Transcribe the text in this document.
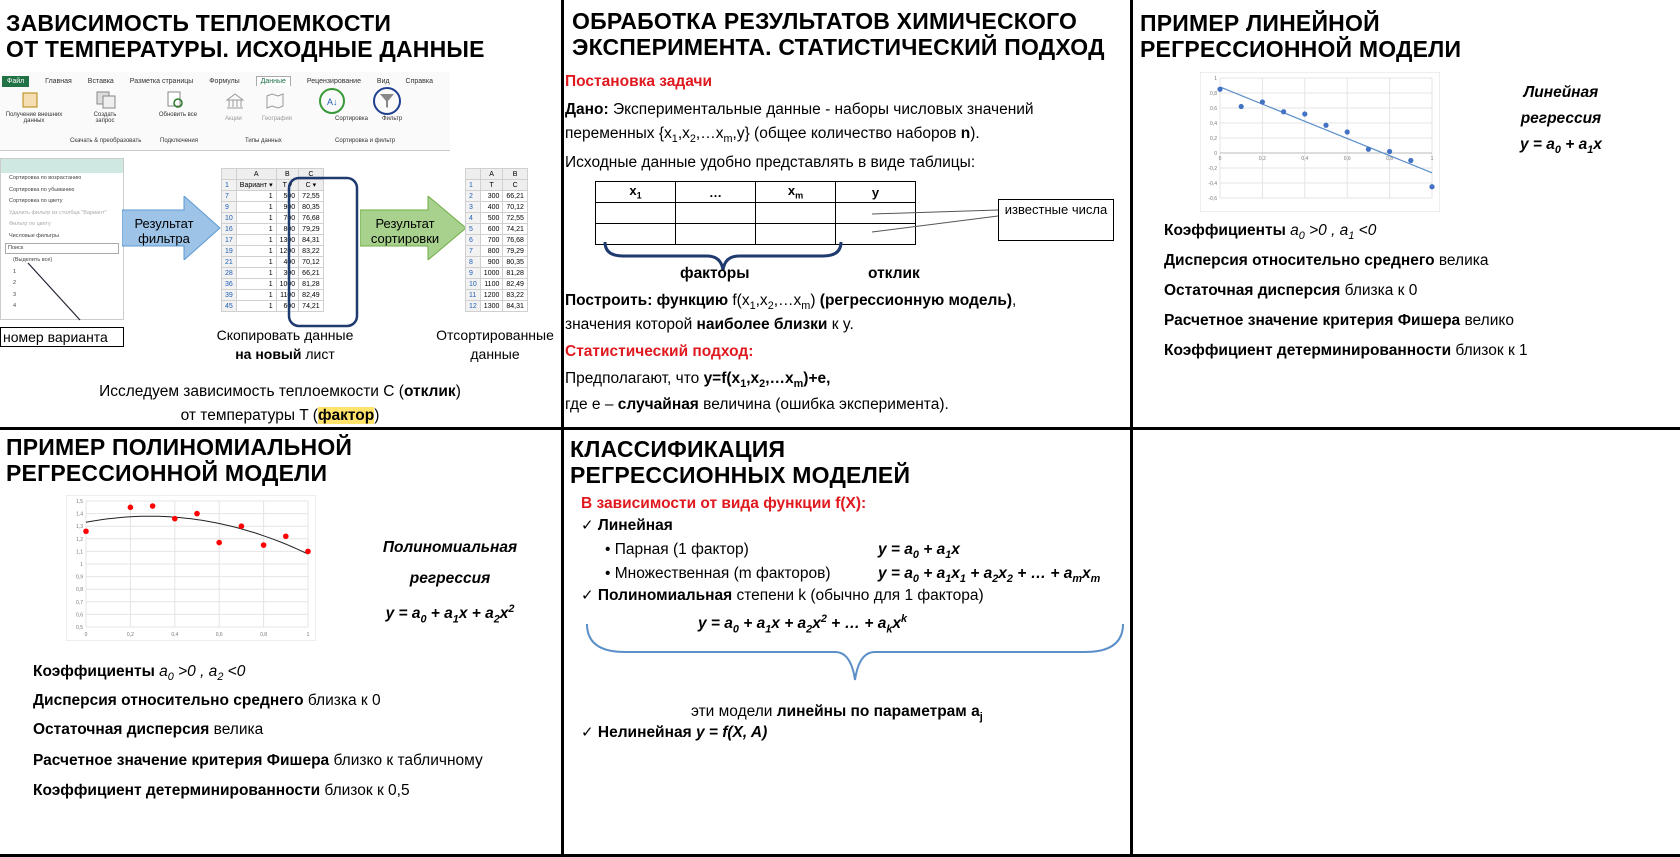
ЗАВИСИМОСТЬ ТЕПЛОЕМКОСТИ
ОТ ТЕМПЕРАТУРЫ. ИСХОДНЫЕ ДАННЫЕ
Файл	Главная Вставка Разметка страницы Формулы	Данные	Рецензирование Вид Справка
Получение внешних данных
Создать запрос
Обновить все
Акции	География	Сортировка Фильтр
Скачать & преобразовать	Подключения	Типы данных	Сортировка и фильтр
A↓
Сортировка по возрастанию
Сортировка по убыванию
Сортировка по цвету
Удалить фильтр из столбца "Вариант"
Фильтр по цвету
Числовые фильтры
Поиск
(Выделить все)
1
2
3
4
номер варианта
Результат фильтра
	A	B	C
1	Вариант ▾	T ▾	C ▾
7	1	500	72,55
9	1	900	80,35
10	1	700	76,68
16	1	800	79,29
17	1	1300	84,31
19	1	1200	83,22
21	1	400	70,12
28	1	300	66,21
36	1	1000	81,28
39	1	1100	82,49
45	1	600	74,21
Результат сортировки
	A	B
1	T	C
2	300	66,21
3	400	70,12
4	500	72,55
5	600	74,21
6	700	76,68
7	800	79,29
8	900	80,35
9	1000	81,28
10	1100	82,49
11	1200	83,22
12	1300	84,31
Скопировать данные
на новый лист
Отсортированные
данные
Исследуем зависимость теплоемкости C (отклик)
от температуры T (фактор)
ОБРАБОТКА РЕЗУЛЬТАТОВ ХИМИЧЕСКОГО
ЭКСПЕРИМЕНТА. СТАТИСТИЧЕСКИЙ ПОДХОД
Постановка задачи
Дано: Экспериментальные данные - наборы числовых значений
переменных $\{x_1,x_2,\dots x_m,y\}$ (общее количество наборов n).
Исходные данные удобно представлять в виде таблицы:
$x_1$	…	$x_m$	y

известные числа
факторы	отклик
Построить: функцию $f(x_1,x_2,\dots x_m)$ (регрессионную модель),
значения которой наиболее близки к y.
Статистический подход:
Предполагают, что $y=f(x_1,x_2,\dots x_m)+e$,
где e – случайная величина (ошибка эксперимента).
ПРИМЕР ЛИНЕЙНОЙ
РЕГРЕССИОННОЙ МОДЕЛИ
1
0,8
0,6
0,4
0,2
0
-0,2
-0,4
-0,6
0	0,2	0,4	0,6	0,8	1
Линейная
регрессия
$y = a_0 + a_1x$
Коэффициенты $a_0 >0$ , $a_1 <0$
Дисперсия относительно среднего велика
Остаточная дисперсия близка к 0
Расчетное значение критерия Фишера велико
Коэффициент детерминированности близок к 1
ПРИМЕР ПОЛИНОМИАЛЬНОЙ
РЕГРЕССИОННОЙ МОДЕЛИ
1,5
1,4
1,3
1,2
1,1
1
0,9
0,8
0,7
0,6
0,5
0	0,2	0,4	0,6	0,8	1
Полиномиальная
регрессия
$y = a_0 + a_1x + a_2x^2$
Коэффициенты $a_0 >0$ , $a_2 <0$
Дисперсия относительно среднего близка к 0
Остаточная дисперсия велика
Расчетное значение критерия Фишера близко к табличному
Коэффициент детерминированности близок к 0,5
КЛАССИФИКАЦИЯ
РЕГРЕССИОННЫХ МОДЕЛЕЙ
В зависимости от вида функции f(X):
✓ Линейная
• Парная (1 фактор)	$y = a_0 + a_1x$
• Множественная (m факторов)	$y = a_0 + a_1x_1 + a_2x_2$ + … + $a_mx_m$
✓ Полиномиальная степени k (обычно для 1 фактора)
$y = a_0 + a_1x + a_2x^2$ + … + $a_kx^k$
эти модели линейны по параметрам $a_j$
✓ Нелинейная y = f(X, A)
